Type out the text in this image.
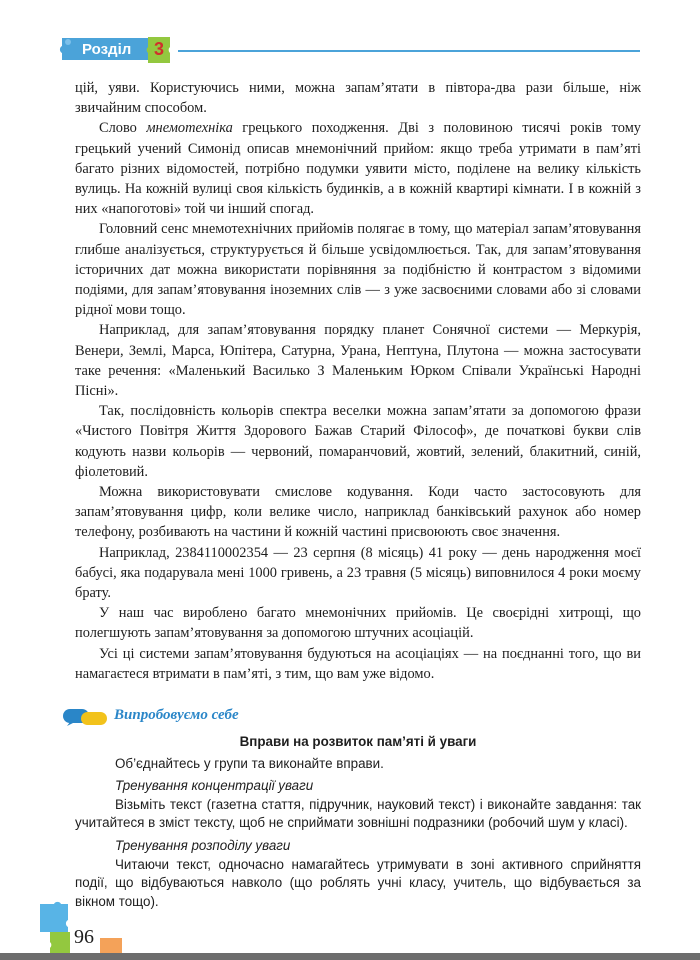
Розділ 3

цій, уяви. Користуючись ними, можна запам’ятати в півтора-два рази більше, ніж звичайним способом.

Слово мнемотехніка грецького походження. Дві з половиною тисячі років тому грецький учений Симонід описав мнемонічний прийом: якщо треба утримати в пам’яті багато різних відомостей, потрібно подумки уявити місто, поділене на велику кількість вулиць. На кожній вулиці своя кількість будинків, а в кожній квартирі кімнати. І в кожній з них «напоготові» той чи інший спогад.

Головний сенс мнемотехнічних прийомів полягає в тому, що матеріал запам’ятовування глибше аналізується, структурується й більше усвідомлюється. Так, для запам’ятовування історичних дат можна використати порівняння за подібністю й контрастом з відомими подіями, для запам’ятовування іноземних слів — з уже засвоєними словами або зі словами рідної мови тощо.

Наприклад, для запам’ятовування порядку планет Сонячної системи — Меркурія, Венери, Землі, Марса, Юпітера, Сатурна, Урана, Нептуна, Плутона — можна застосувати таке речення: «Маленький Василько З Маленьким Юрком Співали Українські Народні Пісні».

Так, послідовність кольорів спектра веселки можна запам’ятати за допомогою фрази «Чистого Повітря Життя Здорового Бажав Старий Філософ», де початкові букви слів кодують назви кольорів — червоний, помаранчовий, жовтий, зелений, блакитний, синій, фіолетовий.

Можна використовувати смислове кодування. Коди часто застосовують для запам’ятовування цифр, коли велике число, наприклад банківський рахунок або номер телефону, розбивають на частини й кожній частині присвоюють своє значення.

Наприклад, 2384110002354 — 23 серпня (8 місяць) 41 року — день народження моєї бабусі, яка подарувала мені 1000 гривень, а 23 травня (5 місяць) виповнилося 4 роки моєму брату.

У наш час вироблено багато мнемонічних прийомів. Це своєрідні хитрощі, що полегшують запам’ятовування за допомогою штучних асоціацій.

Усі ці системи запам’ятовування будуються на асоціаціях — на поєднанні того, що ви намагаєтеся втримати в пам’яті, з тим, що вам уже відомо.

Випробовуємо себе

Вправи на розвиток пам’яті й уваги

Об’єднайтесь у групи та виконайте вправи.

Тренування концентрації уваги

Візьміть текст (газетна стаття, підручник, науковий текст) і виконайте завдання: так учитайтеся в зміст тексту, щоб не сприймати зовнішні подразники (робочий шум у класі).

Тренування розподілу уваги

Читаючи текст, одночасно намагайтесь утримувати в зоні активного сприйняття події, що відбуваються навколо (що роблять учні класу, учитель, що відбувається за вікном тощо).

96
